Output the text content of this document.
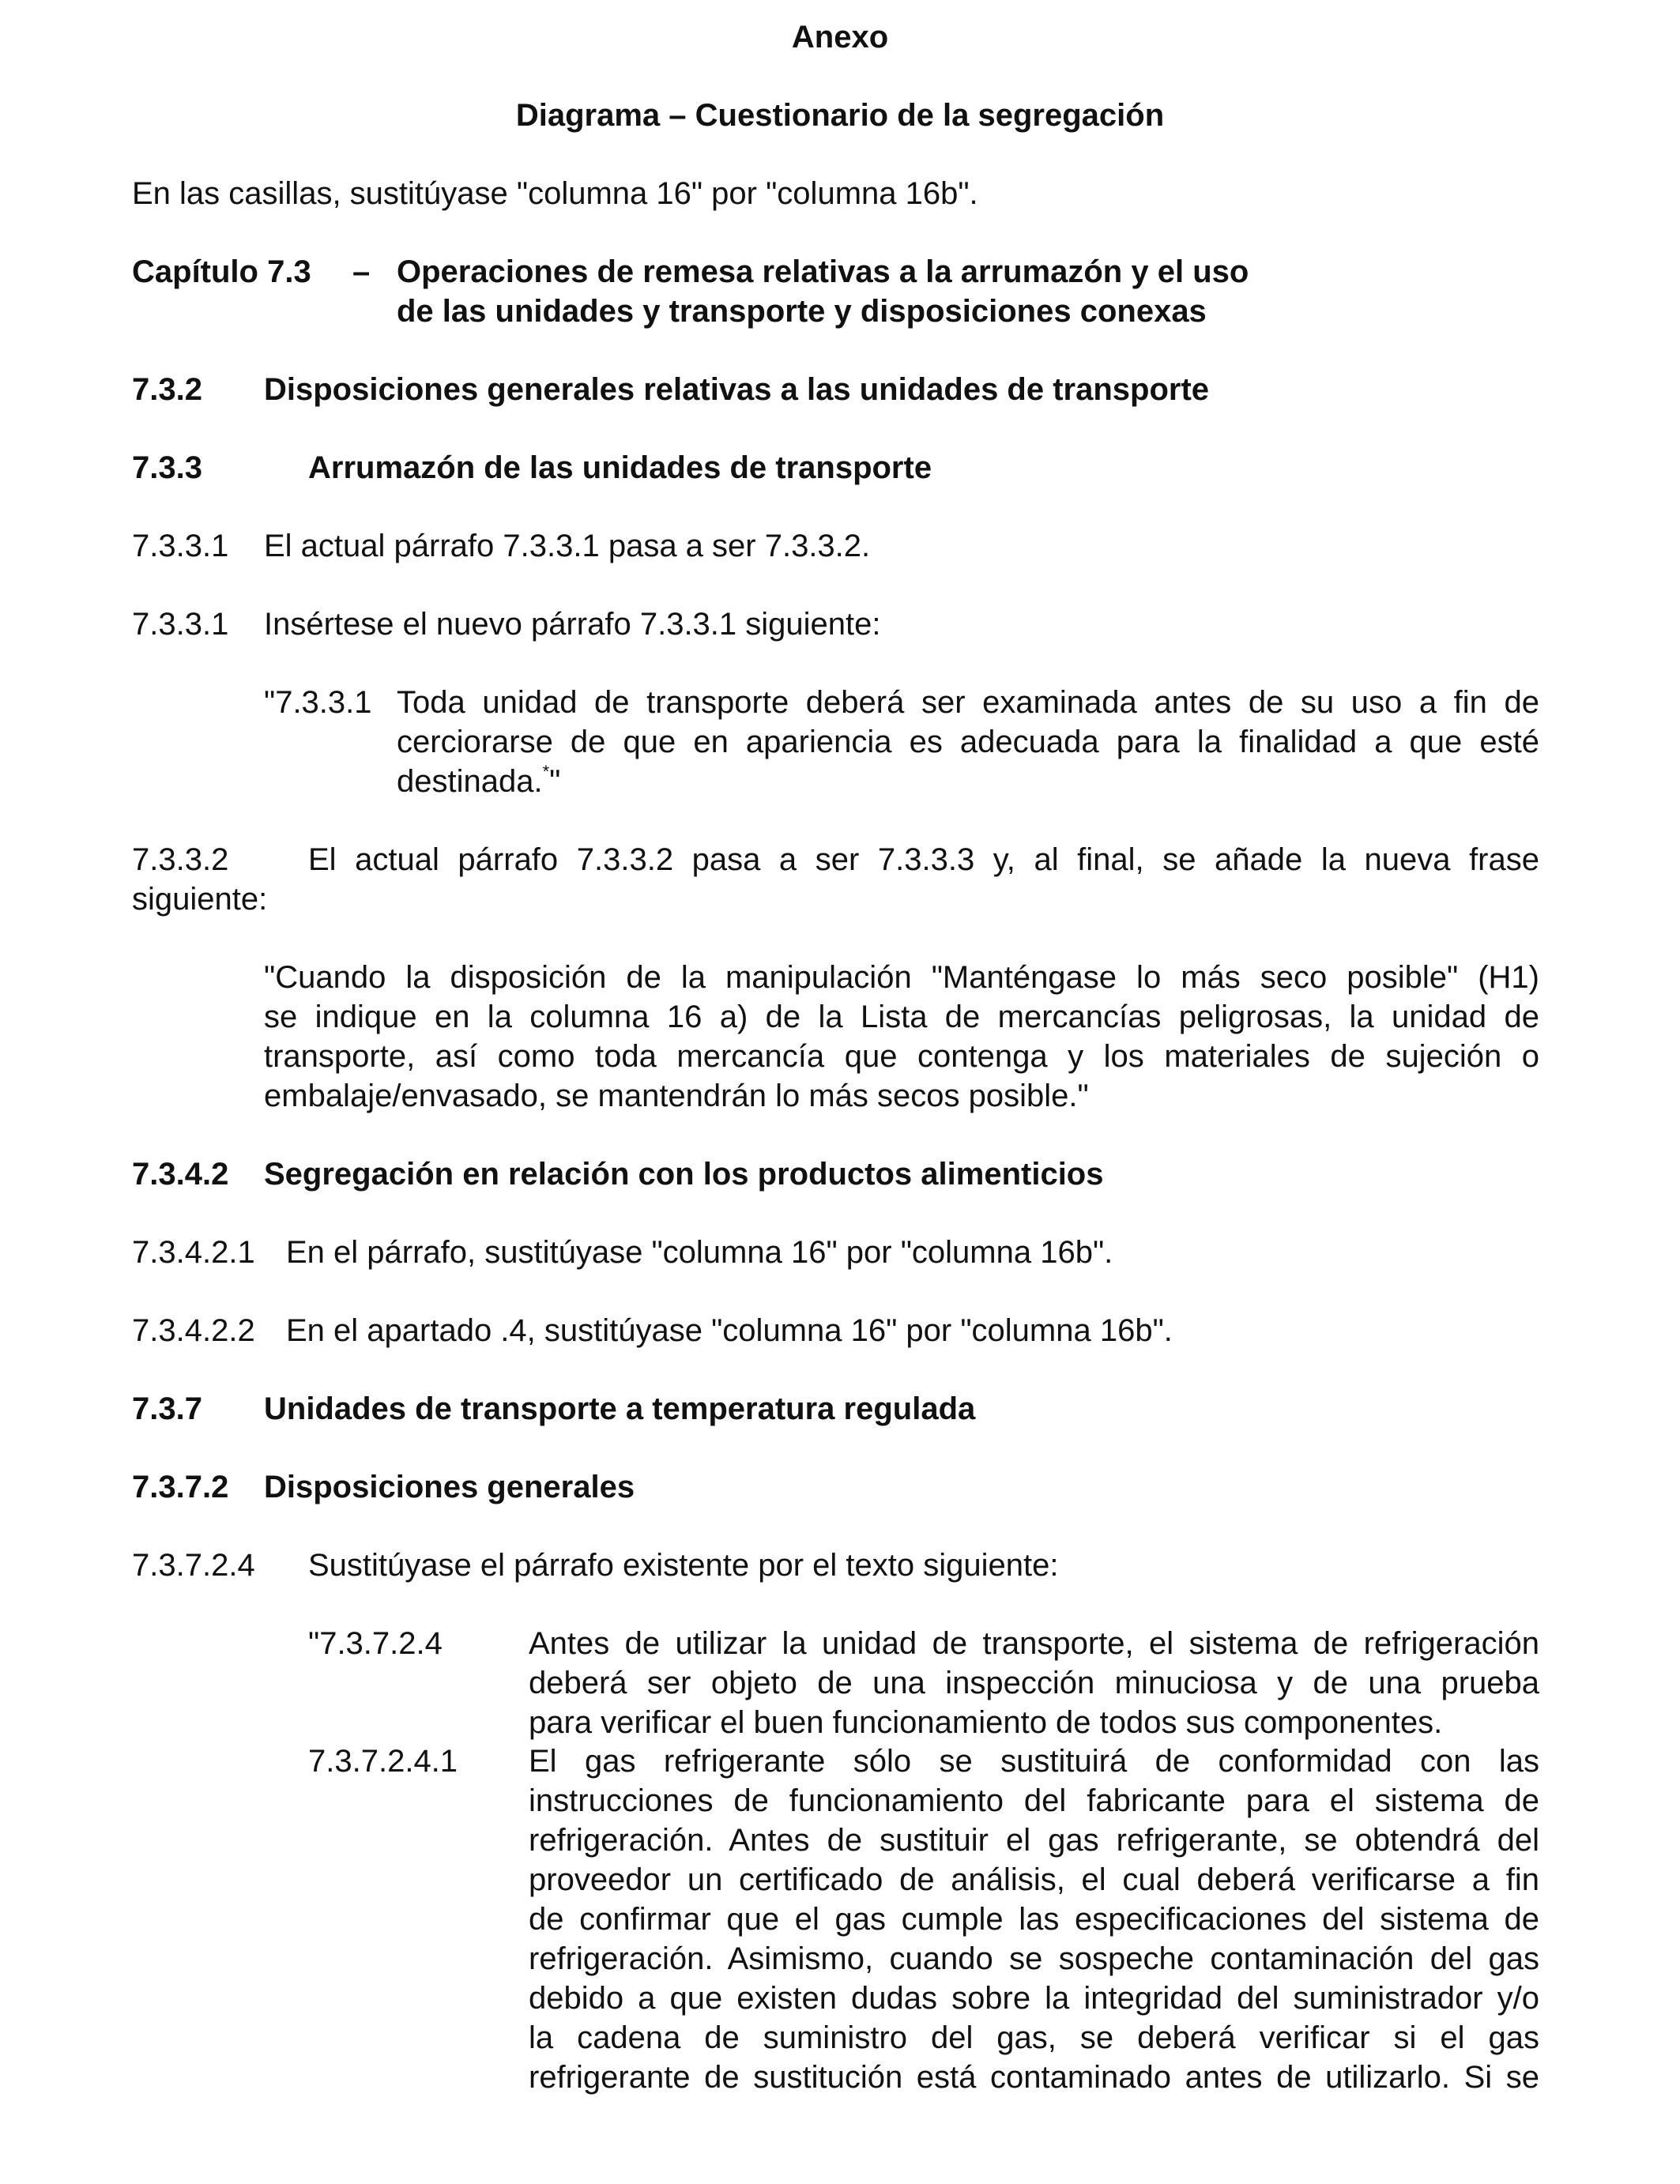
Anexo
Diagrama – Cuestionario de la segregación
En las casillas, sustitúyase "columna 16" por "columna 16b".
Capítulo 7.3 – Operaciones de remesa relativas a la arrumazón y el uso
de las unidades y transporte y disposiciones conexas
7.3.2 Disposiciones generales relativas a las unidades de transporte
7.3.3	Arrumazón de las unidades de transporte
7.3.3.1 El actual párrafo 7.3.3.1 pasa a ser 7.3.3.2.
7.3.3.1 Insértese el nuevo párrafo 7.3.3.1 siguiente:
"7.3.3.1 Toda unidad de transporte deberá ser examinada antes de su uso a fin de
cerciorarse de que en apariencia es adecuada para la finalidad a que esté
destinada.*"
7.3.3.2	El actual párrafo 7.3.3.2 pasa a ser 7.3.3.3 y, al final, se añade la nueva frase
siguiente:
"Cuando la disposición de la manipulación "Manténgase lo más seco posible" (H1)
se indique en la columna 16 a) de la Lista de mercancías peligrosas, la unidad de
transporte, así como toda mercancía que contenga y los materiales de sujeción o
embalaje/envasado, se mantendrán lo más secos posible."
7.3.4.2 Segregación en relación con los productos alimenticios
7.3.4.2.1 En el párrafo, sustitúyase "columna 16" por "columna 16b".
7.3.4.2.2 En el apartado .4, sustitúyase "columna 16" por "columna 16b".
7.3.7 Unidades de transporte a temperatura regulada
7.3.7.2 Disposiciones generales
7.3.7.2.4 Sustitúyase el párrafo existente por el texto siguiente:
"7.3.7.2.4	Antes de utilizar la unidad de transporte, el sistema de refrigeración
deberá ser objeto de una inspección minuciosa y de una prueba
para verificar el buen funcionamiento de todos sus componentes.
7.3.7.2.4.1 El gas refrigerante sólo se sustituirá de conformidad con las
instrucciones de funcionamiento del fabricante para el sistema de
refrigeración. Antes de sustituir el gas refrigerante, se obtendrá del
proveedor un certificado de análisis, el cual deberá verificarse a fin
de confirmar que el gas cumple las especificaciones del sistema de
refrigeración. Asimismo, cuando se sospeche contaminación del gas
debido a que existen dudas sobre la integridad del suministrador y/o
la cadena de suministro del gas, se deberá verificar si el gas
refrigerante de sustitución está contaminado antes de utilizarlo. Si se
